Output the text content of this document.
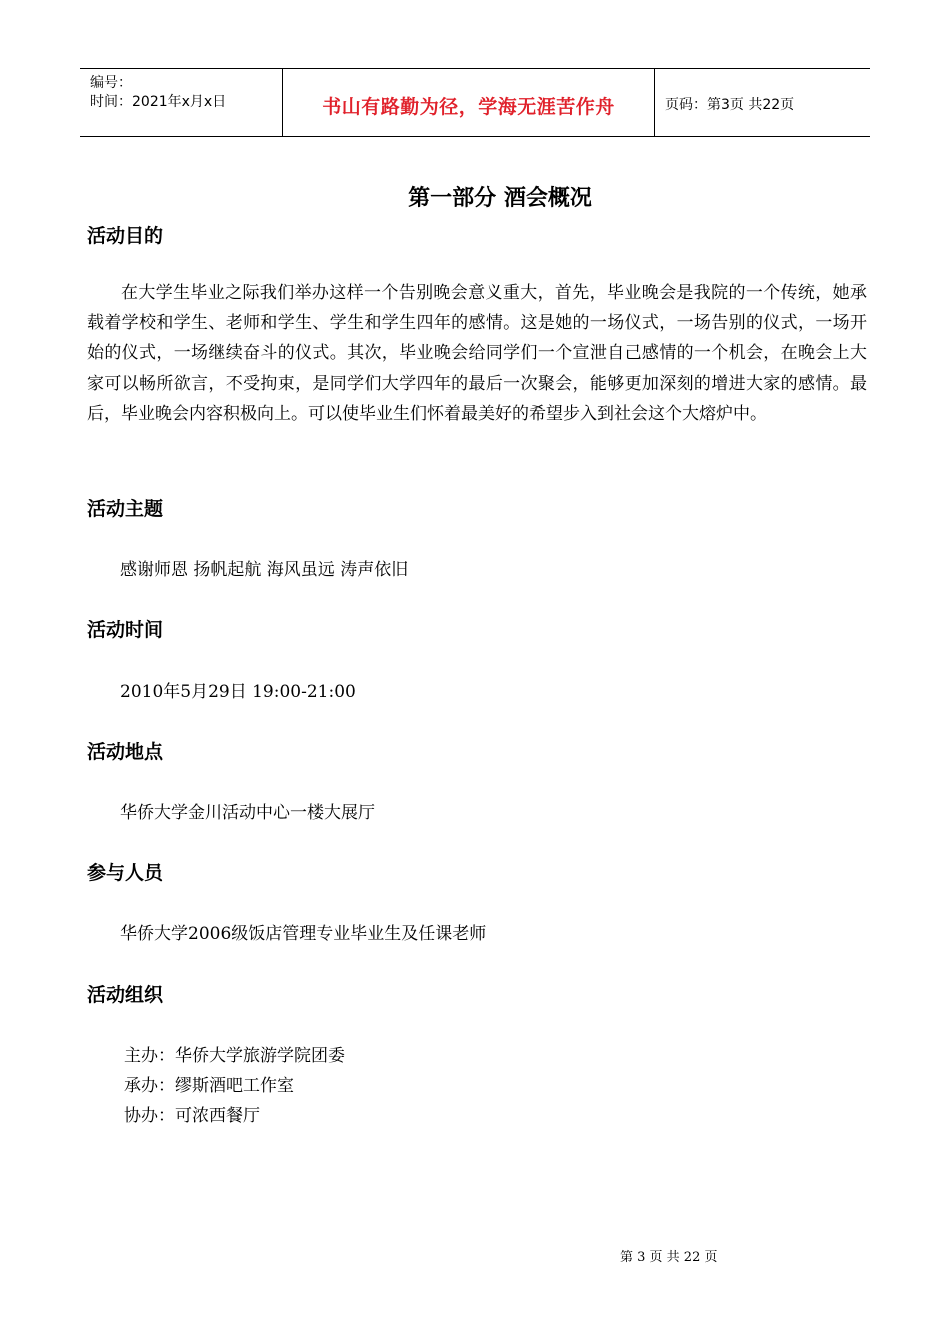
编号：
时间：2021年x月x日	书山有路勤为径，学海无涯苦作舟	页码：第3页 共22页
第一部分 酒会概况
活动目的
在大学生毕业之际我们举办这样一个告别晚会意义重大，首先，毕业晚会是我院的一个传统，她承载着学校和学生、老师和学生、学生和学生四年的感情。这是她的一场仪式，一场告别的仪式，一场开始的仪式，一场继续奋斗的仪式。其次，毕业晚会给同学们一个宣泄自己感情的一个机会，在晚会上大家可以畅所欲言，不受拘束，是同学们大学四年的最后一次聚会，能够更加深刻的增进大家的感情。最后，毕业晚会内容积极向上。可以使毕业生们怀着最美好的希望步入到社会这个大熔炉中。
活动主题
感谢师恩 扬帆起航 海风虽远 涛声依旧
活动时间
2010年5月29日 19:00-21:00
活动地点
华侨大学金川活动中心一楼大展厅
参与人员
华侨大学2006级饭店管理专业毕业生及任课老师
活动组织
主办：华侨大学旅游学院团委
承办：缪斯酒吧工作室
协办：可浓西餐厅
第 3 页 共 22 页
